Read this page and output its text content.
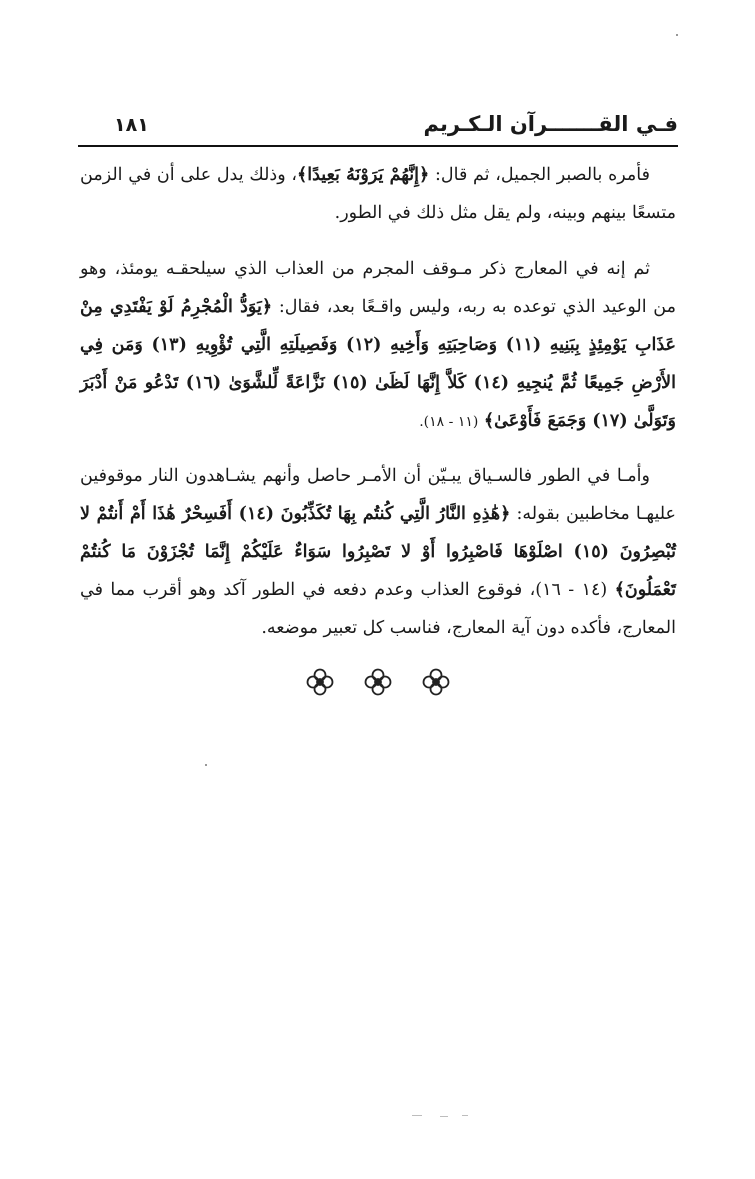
١٨١	فـي القـــــــرآن الـكـريم

فأمره بالصبر الجميل، ثم قال: ﴿إِنَّهُمْ يَرَوْنَهُ بَعِيدًا﴾، وذلك يدل على أن في الزمن متسعًا بينهم وبينه، ولم يقل مثل ذلك في الطور.

ثم إنه في المعارج ذكر مـوقف المجرم من العذاب الذي سيلحقـه يومئذ، وهو من الوعيد الذي توعده به ربه، وليس واقـعًا بعد، فقال: ﴿يَوَدُّ الْمُجْرِمُ لَوْ يَفْتَدِي مِنْ عَذَابِ يَوْمِئِذٍ بِبَنِيهِ (١١) وَصَاحِبَتِهِ وَأَخِيهِ (١٢) وَفَصِيلَتِهِ الَّتِي تُؤْوِيهِ (١٣) وَمَن فِي الأَرْضِ جَمِيعًا ثُمَّ يُنجِيهِ (١٤) كَلاَّ إِنَّهَا لَظَىٰ (١٥) نَزَّاعَةً لِّلشَّوَىٰ (١٦) تَدْعُو مَنْ أَدْبَرَ وَتَوَلَّىٰ (١٧) وَجَمَعَ فَأَوْعَىٰ﴾ (١١ - ١٨).

وأمـا في الطور فالسـياق يبـيّن أن الأمـر حاصل وأنهم يشـاهدون النار موقوفين عليهـا مخاطبين بقوله: ﴿هَٰذِهِ النَّارُ الَّتِي كُنتُم بِهَا تُكَذِّبُونَ (١٤) أَفَسِحْرٌ هَٰذَا أَمْ أَنتُمْ لا تُبْصِرُونَ (١٥) اصْلَوْهَا فَاصْبِرُوا أَوْ لا تَصْبِرُوا سَوَاءٌ عَلَيْكُمْ إِنَّمَا تُجْزَوْنَ مَا كُنتُمْ تَعْمَلُونَ﴾ (١٤ - ١٦)، فوقوع العذاب وعدم دفعه في الطور آكد وهو أقرب مما في المعارج، فأكده دون آية المعارج، فناسب كل تعبير موضعه.
